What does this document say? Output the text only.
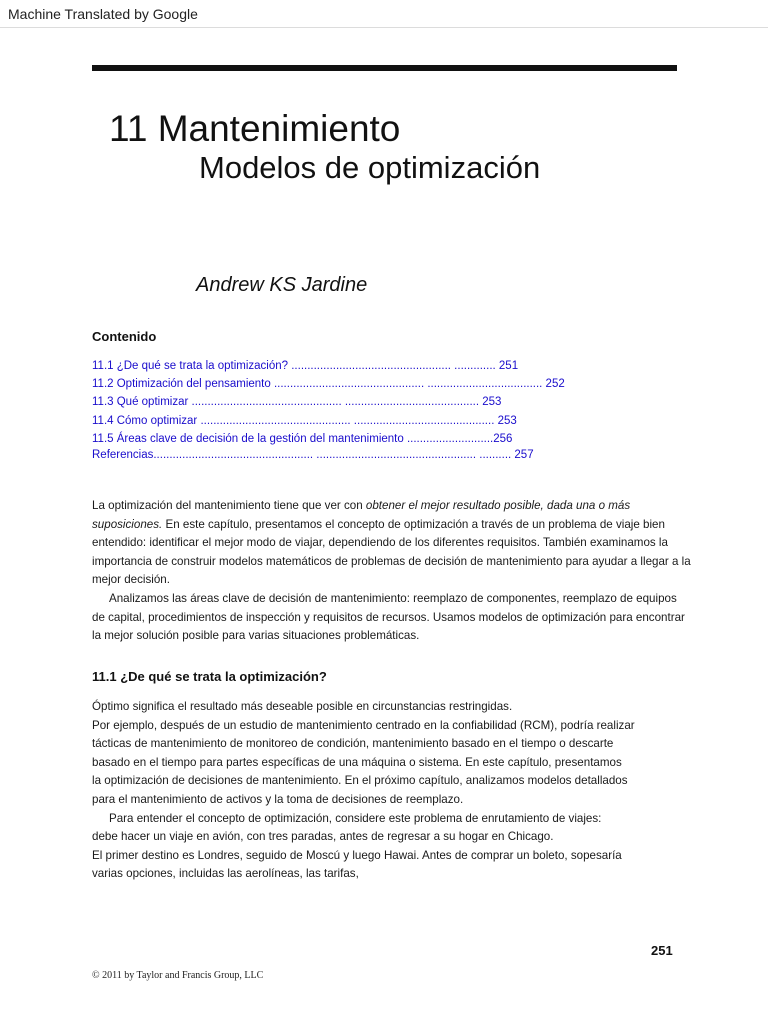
Machine Translated by Google
11 Mantenimiento
Modelos de optimización
Andrew KS Jardine
Contenido
11.1 ¿De qué se trata la optimización? .................................................. ............. 251
11.2 Optimización del pensamiento ............................................... .................................... 252
11.3 Qué optimizar ............................................... .......................................... 253
11.4 Cómo optimizar ............................................... ............................................ 253
11.5 Áreas clave de decisión de la gestión del mantenimiento ...........................256
Referencias.................................................. .................................................. .......... 257

La optimización del mantenimiento tiene que ver con obtener el mejor resultado posible, dada una o más suposiciones. En este capítulo, presentamos el concepto de optimización a través de un problema de viaje bien entendido: identificar el mejor modo de viajar, dependiendo de los diferentes requisitos. También examinamos la importancia de construir modelos matemáticos de problemas de decisión de mantenimiento para ayudar a llegar a la mejor decisión.

Analizamos las áreas clave de decisión de mantenimiento: reemplazo de componentes, reemplazo de equipos de capital, procedimientos de inspección y requisitos de recursos. Usamos modelos de optimización para encontrar la mejor solución posible para varias situaciones problemáticas.

11.1 ¿De qué se trata la optimización?

Óptimo significa el resultado más deseable posible en circunstancias restringidas.

Por ejemplo, después de un estudio de mantenimiento centrado en la confiabilidad (RCM), podría realizar

tácticas de mantenimiento de monitoreo de condición, mantenimiento basado en el tiempo o descarte

basado en el tiempo para partes específicas de una máquina o sistema. En este capítulo, presentamos

la optimización de decisiones de mantenimiento. En el próximo capítulo, analizamos modelos detallados

para el mantenimiento de activos y la toma de decisiones de reemplazo.

Para entender el concepto de optimización, considere este problema de enrutamiento de viajes:

debe hacer un viaje en avión, con tres paradas, antes de regresar a su hogar en Chicago.

El primer destino es Londres, seguido de Moscú y luego Hawai. Antes de comprar un boleto, sopesaría

varias opciones, incluidas las aerolíneas, las tarifas,

251
© 2011 by Taylor and Francis Group, LLC
